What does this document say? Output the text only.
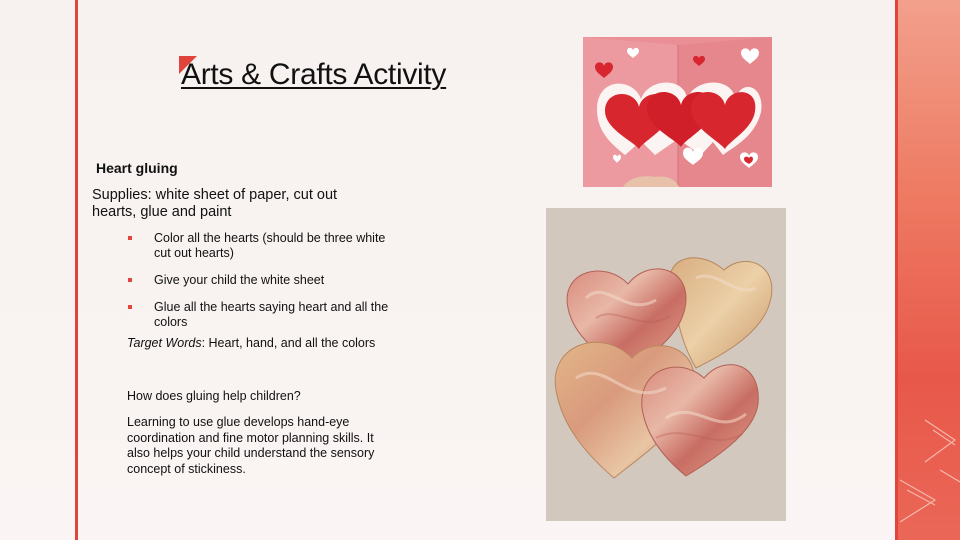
Arts & Crafts Activity
Heart gluing
Supplies: white sheet of paper, cut out hearts, glue and paint
Color all the hearts (should be three white cut out hearts)
Give your child the white sheet
Glue all the hearts saying heart and all the colors
Target Words: Heart, hand, and all the colors
How does gluing help children?
Learning to use glue develops hand-eye coordination and fine motor planning skills. It also helps your child understand the sensory concept of stickiness.
